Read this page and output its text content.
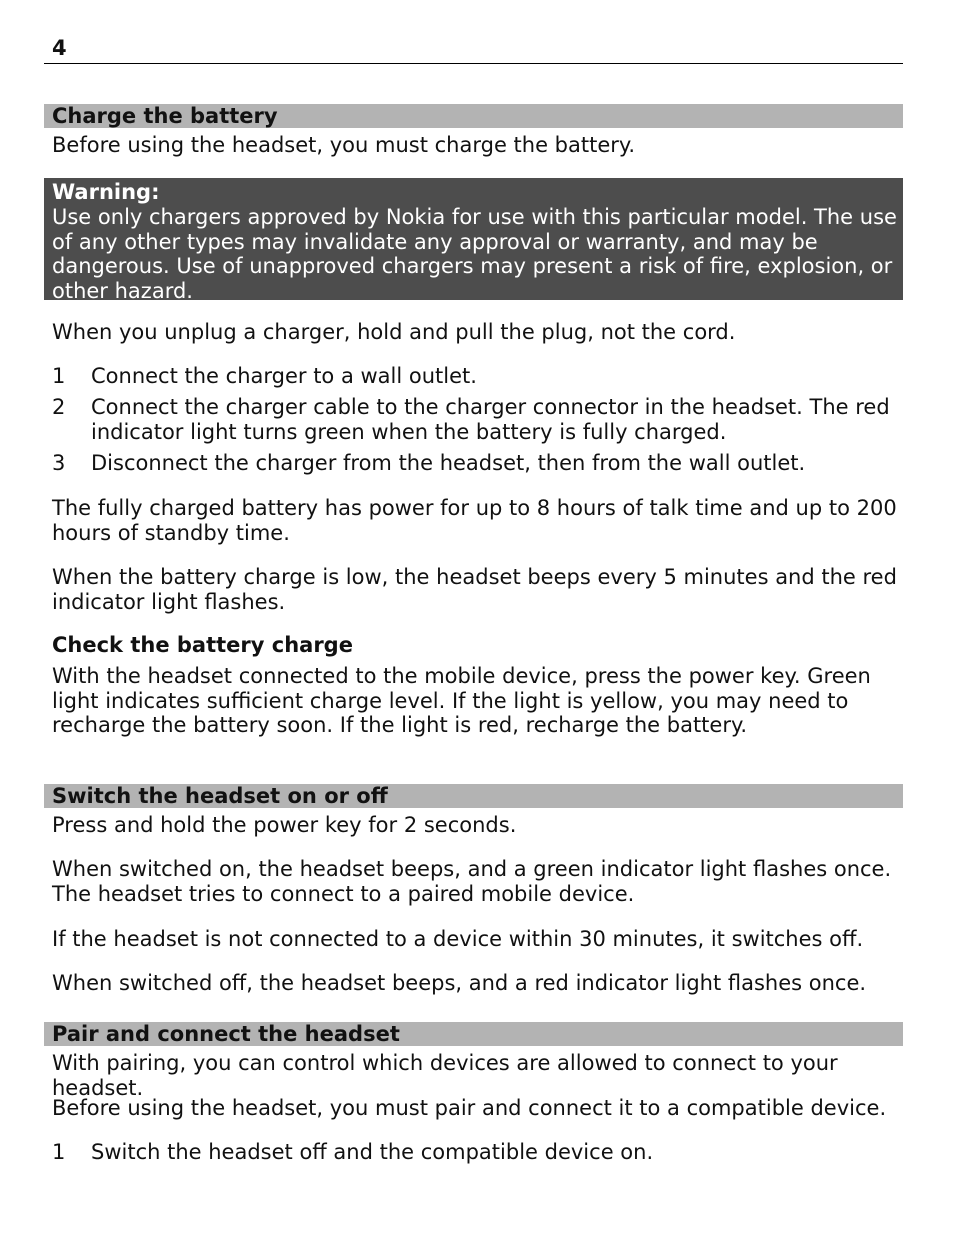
4
Charge the battery
Before using the headset, you must charge the battery.
Warning:
Use only chargers approved by Nokia for use with this particular model. The use of any other types may invalidate any approval or warranty, and may be dangerous. Use of unapproved chargers may present a risk of fire, explosion, or other hazard.
When you unplug a charger, hold and pull the plug, not the cord.
1 Connect the charger to a wall outlet.
2 Connect the charger cable to the charger connector in the headset. The red indicator light turns green when the battery is fully charged.
3 Disconnect the charger from the headset, then from the wall outlet.
The fully charged battery has power for up to 8 hours of talk time and up to 200 hours of standby time.
When the battery charge is low, the headset beeps every 5 minutes and the red indicator light flashes.
Check the battery charge
With the headset connected to the mobile device, press the power key. Green light indicates sufficient charge level. If the light is yellow, you may need to recharge the battery soon. If the light is red, recharge the battery.
Switch the headset on or off
Press and hold the power key for 2 seconds.
When switched on, the headset beeps, and a green indicator light flashes once. The headset tries to connect to a paired mobile device.
If the headset is not connected to a device within 30 minutes, it switches off.
When switched off, the headset beeps, and a red indicator light flashes once.
Pair and connect the headset
With pairing, you can control which devices are allowed to connect to your headset.
Before using the headset, you must pair and connect it to a compatible device.
1 Switch the headset off and the compatible device on.
